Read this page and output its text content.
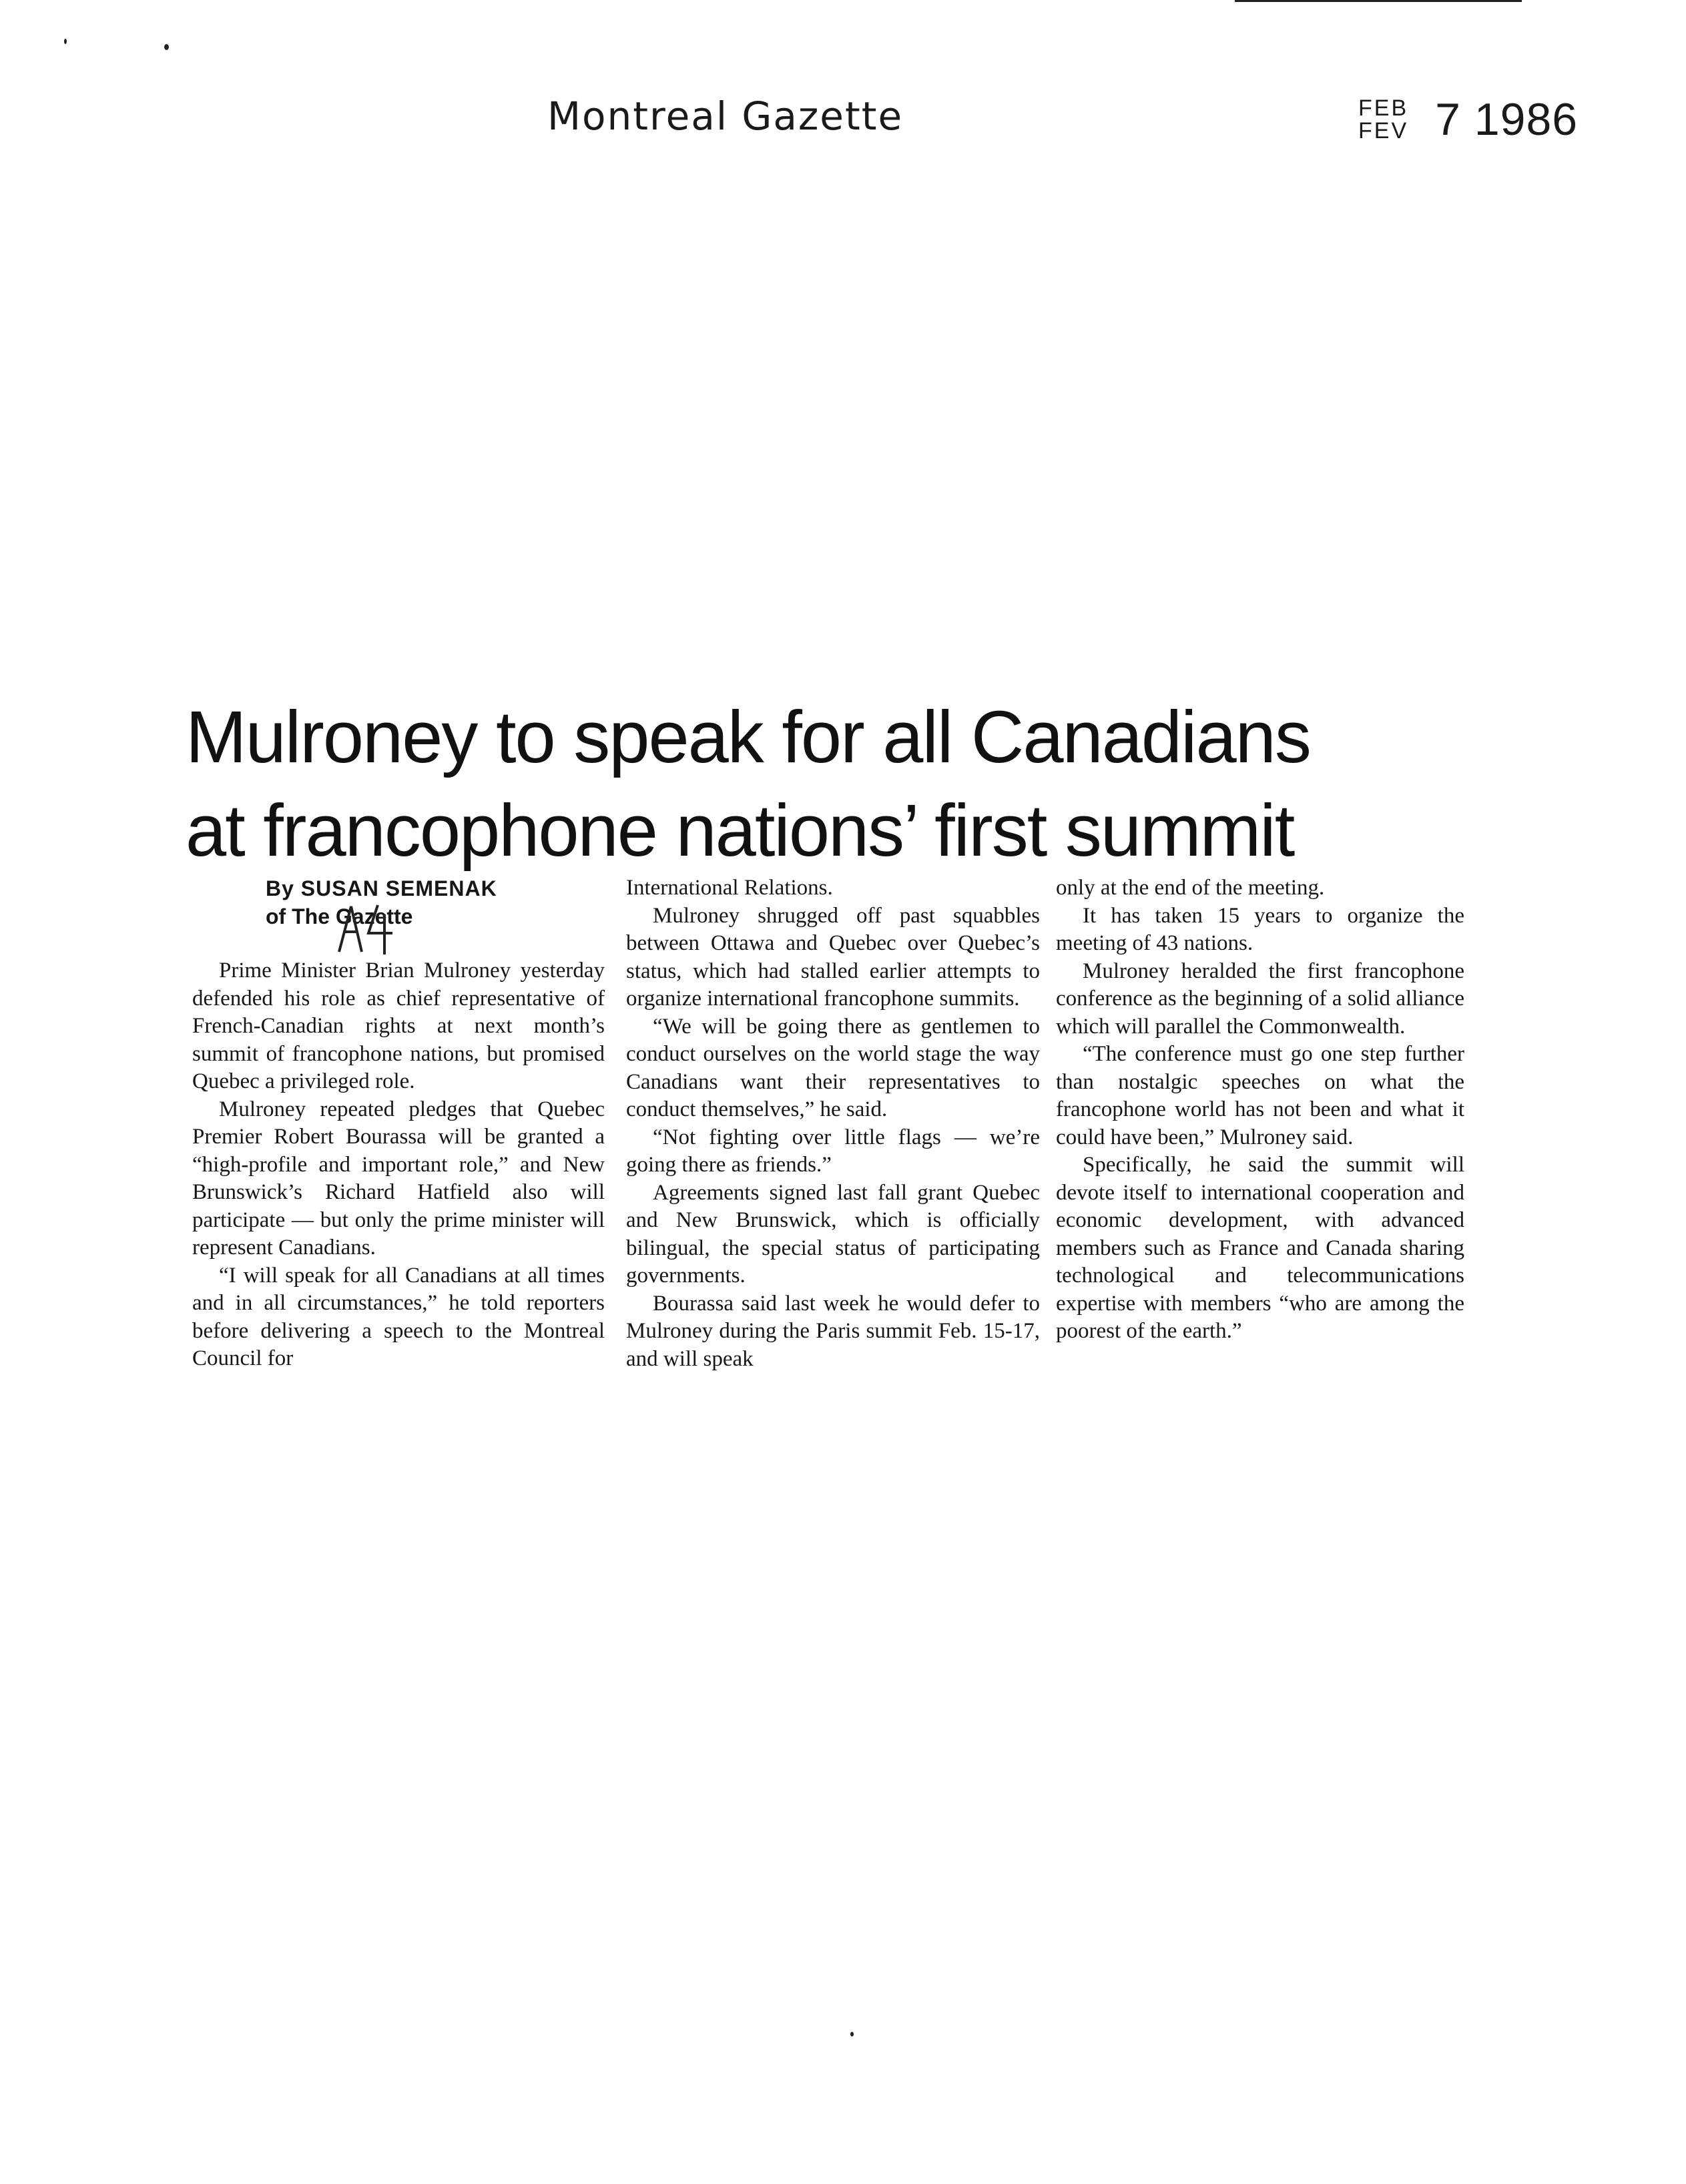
Montreal Gazette	FEB
FEV 7 1986
Mulroney to speak for all Canadians
at francophone nations’ first summit
By SUSAN SEMENAK
of The Gazette

Prime Minister Brian Mulroney yesterday defended his role as chief representative of French-Canadian rights at next month’s summit of francophone nations, but promised Quebec a privileged role.

Mulroney repeated pledges that Quebec Premier Robert Bourassa will be granted a “high-profile and important role,” and New Brunswick’s Richard Hatfield also will participate — but only the prime minister will represent Canadians.

“I will speak for all Canadians at all times and in all circumstances,” he told reporters before delivering a speech to the Montreal Council for

International Relations.

Mulroney shrugged off past squabbles between Ottawa and Quebec over Quebec’s status, which had stalled earlier attempts to organize international francophone summits.

“We will be going there as gentlemen to conduct ourselves on the world stage the way Canadians want their representatives to conduct themselves,” he said.

“Not fighting over little flags — we’re going there as friends.”

Agreements signed last fall grant Quebec and New Brunswick, which is officially bilingual, the special status of participating governments.

Bourassa said last week he would defer to Mulroney during the Paris summit Feb. 15-17, and will speak

only at the end of the meeting.

It has taken 15 years to organize the meeting of 43 nations.

Mulroney heralded the first francophone conference as the beginning of a solid alliance which will parallel the Commonwealth.

“The conference must go one step further than nostalgic speeches on what the francophone world has not been and what it could have been,” Mulroney said.

Specifically, he said the summit will devote itself to international cooperation and economic development, with advanced members such as France and Canada sharing technological and telecommunications expertise with members “who are among the poorest of the earth.”
